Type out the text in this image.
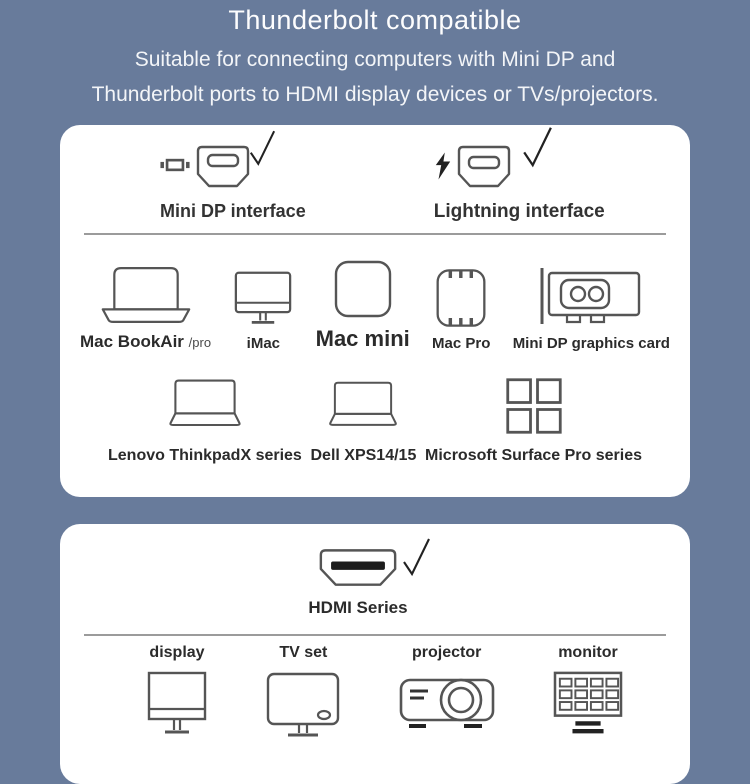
Thunderbolt compatible
Suitable for connecting computers with Mini DP and
Thunderbolt ports to HDMI display devices or TVs/projectors.
Mini DP interface	Lightning interface
Mac BookAir /pro iMac Mac mini Mac Pro Mini DP graphics card
Lenovo ThinkpadX series Dell XPS14/15 Microsoft Surface Pro series
HDMI Series
display	TV set	projector	monitor
